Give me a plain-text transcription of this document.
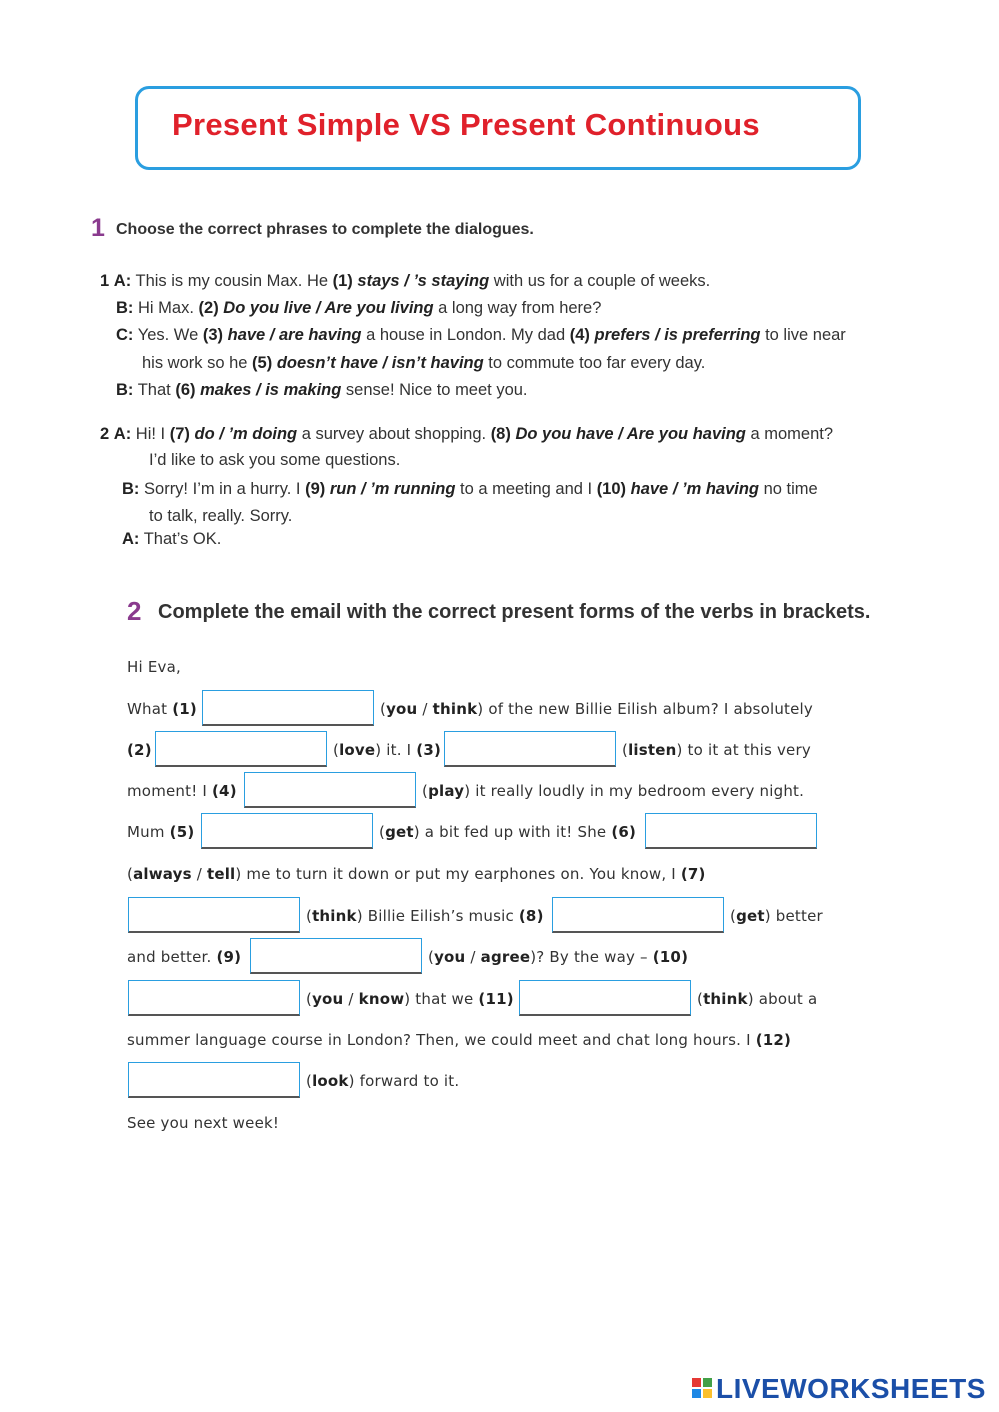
Present Simple VS Present Continuous
1 Choose the correct phrases to complete the dialogues.
1 A: This is my cousin Max. He (1) stays / ’s staying with us for a couple of weeks.
B: Hi Max. (2) Do you live / Are you living a long way from here?
C: Yes. We (3) have / are having a house in London. My dad (4) prefers / is preferring to live near
his work so he (5) doesn’t have / isn’t having to commute too far every day.
B: That (6) makes / is making sense! Nice to meet you.
2 A: Hi! I (7) do / ’m doing a survey about shopping. (8) Do you have / Are you having a moment?
I’d like to ask you some questions.
B: Sorry! I’m in a hurry. I (9) run / ’m running to a meeting and I (10) have / ’m having no time
to talk, really. Sorry.
A: That’s OK.
2 Complete the email with the correct present forms of the verbs in brackets.
Hi Eva,
What (1)	(you / think) of the new Billie Eilish album? I absolutely
(2)	(love) it. I (3)	(listen) to it at this very
moment! I (4)	(play) it really loudly in my bedroom every night.
Mum (5)	(get) a bit fed up with it! She (6)
(always / tell) me to turn it down or put my earphones on. You know, I (7)
(think) Billie Eilish’s music (8)	(get) better
and better. (9)	(you / agree)? By the way – (10)
(you / know) that we (11)	(think) about a
summer language course in London? Then, we could meet and chat long hours. I (12)
(look) forward to it.
See you next week!
LIVEWORKSHEETS
